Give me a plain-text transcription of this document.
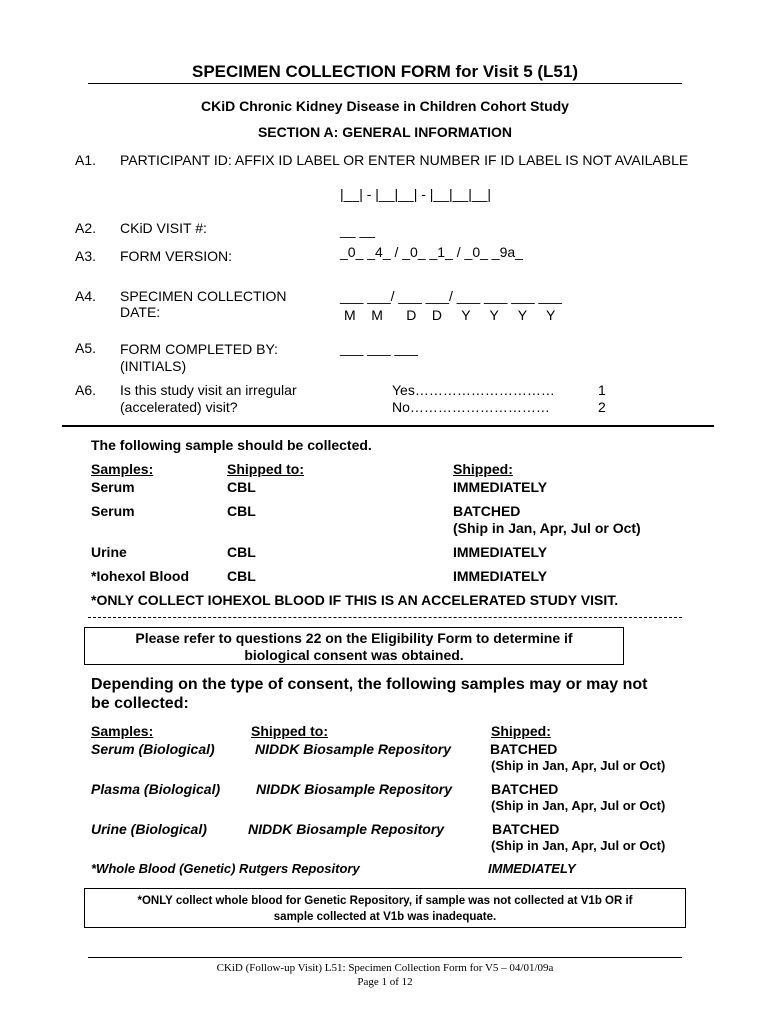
SPECIMEN COLLECTION FORM for Visit 5 (L51)
CKiD Chronic Kidney Disease in Children Cohort Study
SECTION A: GENERAL INFORMATION
A1. PARTICIPANT ID: AFFIX ID LABEL OR ENTER NUMBER IF ID LABEL IS NOT AVAILABLE
|__| - |__|__| - |__|__|__|
A2. CKiD VISIT #:	__ __
A3. FORM VERSION:	_0_ _4_ / _0_ _1_ / _0_ _9a_
A4. SPECIMEN COLLECTION
DATE:
___ ___/ ___ ___/ ___ ___ ___ ___
M    M      D    D     Y     Y     Y     Y
A5. FORM COMPLETED BY:
(INITIALS)
___ ___ ___
A6. Is this study visit an irregular
(accelerated) visit?
Yes…………………………	1
No…………………………	2
The following sample should be collected.
Samples:	Shipped to:	Shipped:
Serum	CBL	IMMEDIATELY
Serum	CBL	BATCHED
(Ship in Jan, Apr, Jul or Oct)
Urine	CBL	IMMEDIATELY
*Iohexol Blood	CBL	IMMEDIATELY
*ONLY COLLECT IOHEXOL BLOOD IF THIS IS AN ACCELERATED STUDY VISIT.
Please refer to questions 22 on the Eligibility Form to determine if
biological consent was obtained.
Depending on the type of consent, the following samples may or may not
be collected:
Samples:	Shipped to:	Shipped:
Serum (Biological)	NIDDK Biosample Repository	BATCHED
(Ship in Jan, Apr, Jul or Oct)
Plasma (Biological)	NIDDK Biosample Repository	BATCHED
(Ship in Jan, Apr, Jul or Oct)
Urine (Biological)	NIDDK Biosample Repository	BATCHED
(Ship in Jan, Apr, Jul or Oct)
*Whole Blood (Genetic) Rutgers Repository	IMMEDIATELY
*ONLY collect whole blood for Genetic Repository, if sample was not collected at V1b OR if
sample collected at V1b was inadequate.
CKiD (Follow-up Visit) L51: Specimen Collection Form for V5 – 04/01/09a
Page 1 of 12
